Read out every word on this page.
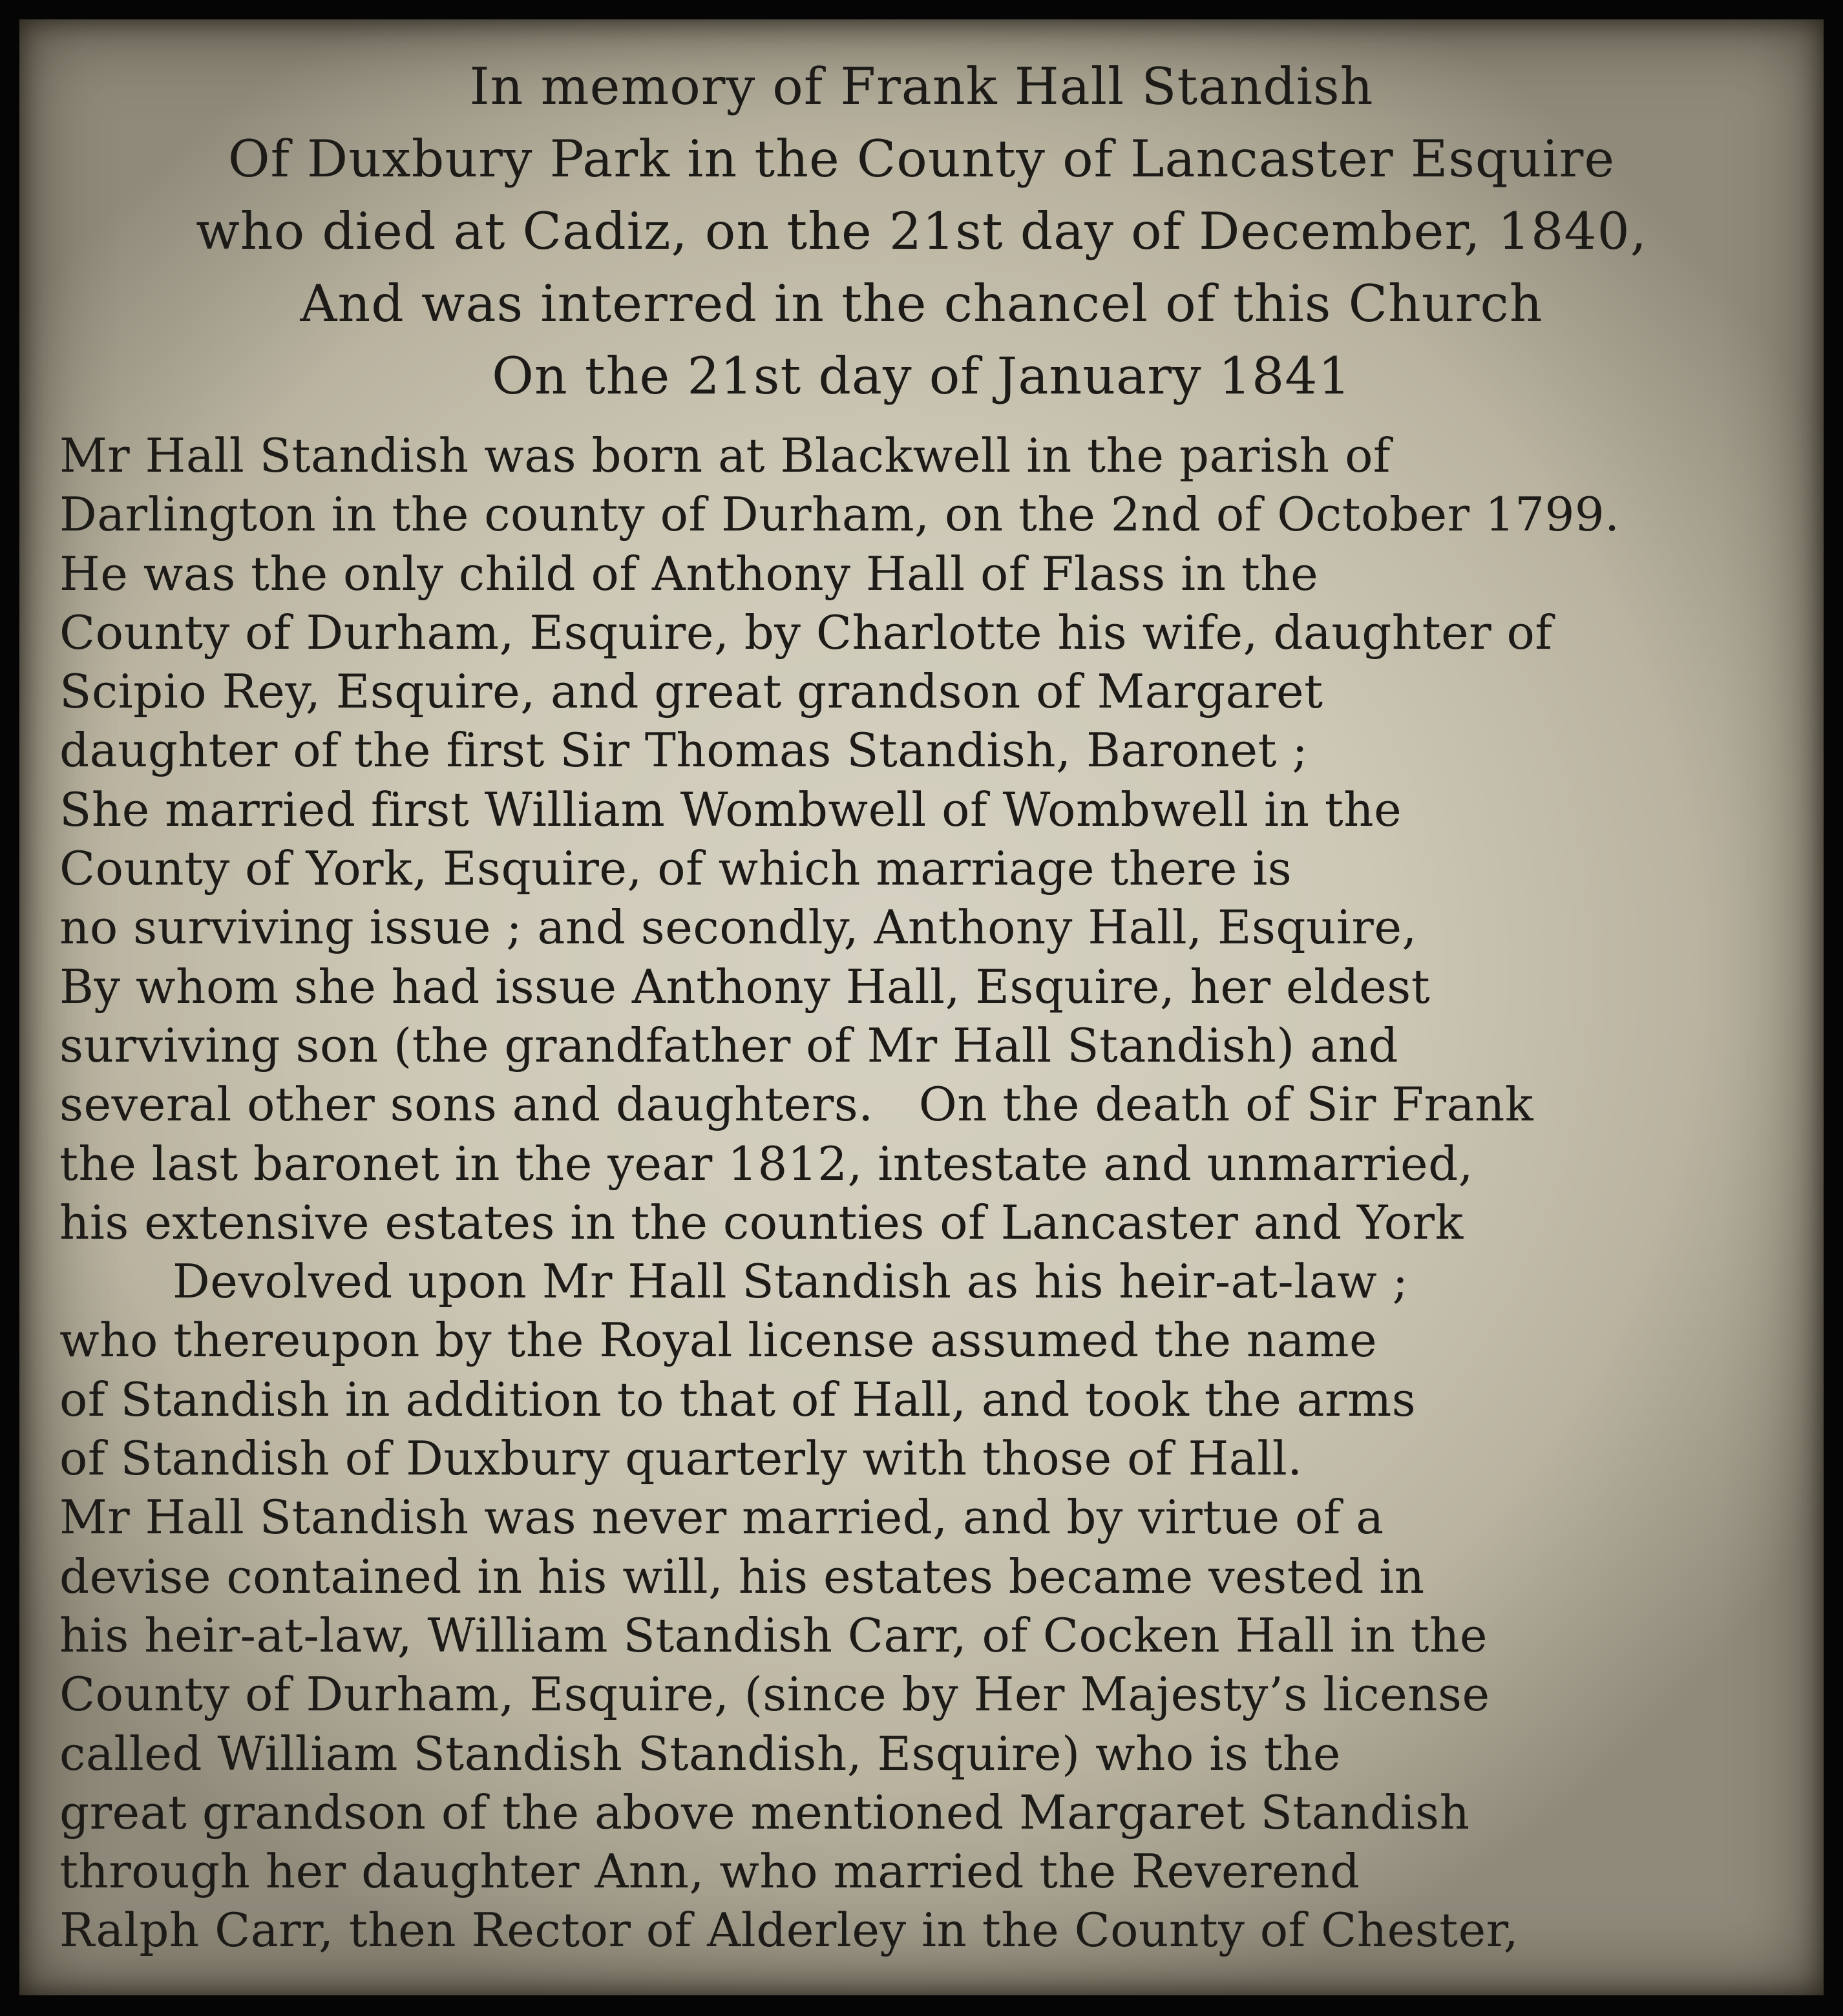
In memory of Frank Hall Standish
Of Duxbury Park in the County of Lancaster Esquire
who died at Cadiz, on the 21st day of December, 1840,
And was interred in the chancel of this Church
On the 21st day of January 1841
Mr Hall Standish was born at Blackwell in the parish of
Darlington in the county of Durham, on the 2nd of October 1799.
He was the only child of Anthony Hall of Flass in the
County of Durham, Esquire, by Charlotte his wife, daughter of
Scipio Rey, Esquire, and great grandson of Margaret
daughter of the first Sir Thomas Standish, Baronet ;
She married first William Wombwell of Wombwell in the
County of York, Esquire, of which marriage there is
no surviving issue ; and secondly, Anthony Hall, Esquire,
By whom she had issue Anthony Hall, Esquire, her eldest
surviving son (the grandfather of Mr Hall Standish) and
several other sons and daughters.   On the death of Sir Frank
the last baronet in the year 1812, intestate and unmarried,
his extensive estates in the counties of Lancaster and York
Devolved upon Mr Hall Standish as his heir-at-law ;
who thereupon by the Royal license assumed the name
of Standish in addition to that of Hall, and took the arms
of Standish of Duxbury quarterly with those of Hall.
Mr Hall Standish was never married, and by virtue of a
devise contained in his will, his estates became vested in
his heir-at-law, William Standish Carr, of Cocken Hall in the
County of Durham, Esquire, (since by Her Majesty’s license
called William Standish Standish, Esquire) who is the
great grandson of the above mentioned Margaret Standish
through her daughter Ann, who married the Reverend
Ralph Carr, then Rector of Alderley in the County of Chester,
